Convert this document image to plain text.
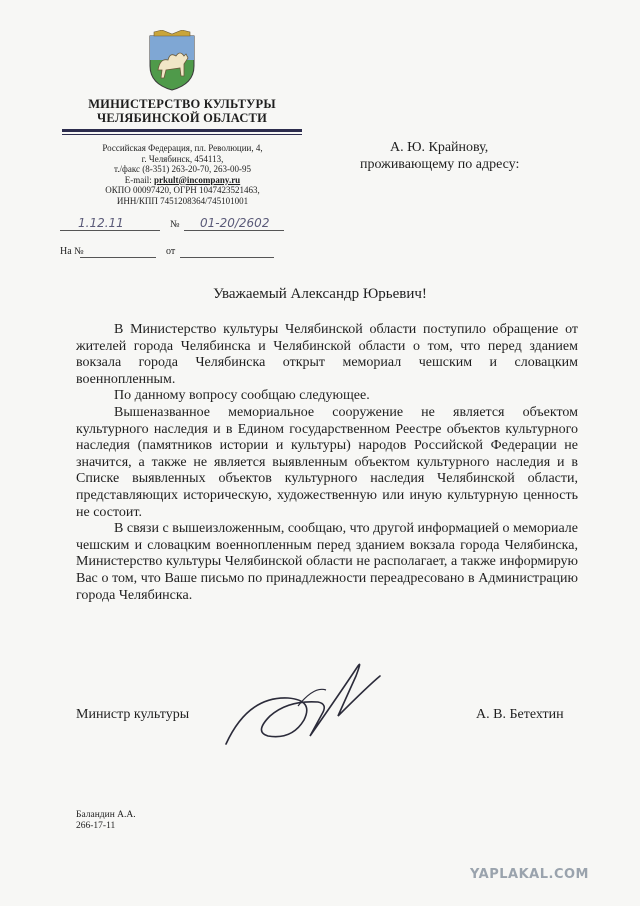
МИНИСТЕРСТВО КУЛЬТУРЫ
ЧЕЛЯБИНСКОЙ ОБЛАСТИ
Российская Федерация, пл. Революции, 4,
г. Челябинск, 454113,
т./факс (8-351) 263-20-70, 263-00-95
E-mail: prkult@incompany.ru
ОКПО 00097420, ОГРН 1047423521463,
ИНН/КПП 7451208364/745101001
А. Ю. Крайнову,
проживающему по адресу:
1.12.11	№	01-20/2602
На №	от
Уважаемый Александр Юрьевич!

В Министерство культуры Челябинской области поступило обращение от жителей города Челябинска и Челябинской области о том, что перед зданием вокзала города Челябинска открыт мемориал чешским и словацким военнопленным.

По данному вопросу сообщаю следующее.

Вышеназванное мемориальное сооружение не является объектом культурного наследия и в Едином государственном Реестре объектов культурного наследия (памятников истории и культуры) народов Российской Федерации не значится, а также не является выявленным объектом культурного наследия и в Списке выявленных объектов культурного наследия Челябинской области, представляющих историческую, художественную или иную культурную ценность не состоит.

В связи с вышеизложенным, сообщаю, что другой информацией о мемориале чешским и словацким военнопленным перед зданием вокзала города Челябинска, Министерство культуры Челябинской области не располагает, а также информирую Вас о том, что Ваше письмо по принадлежности переадресовано в Администрацию города Челябинска.

Министр культуры	А. В. Бетехтин
Баландин А.А.
266-17-11
YAPLAKAL.COM
